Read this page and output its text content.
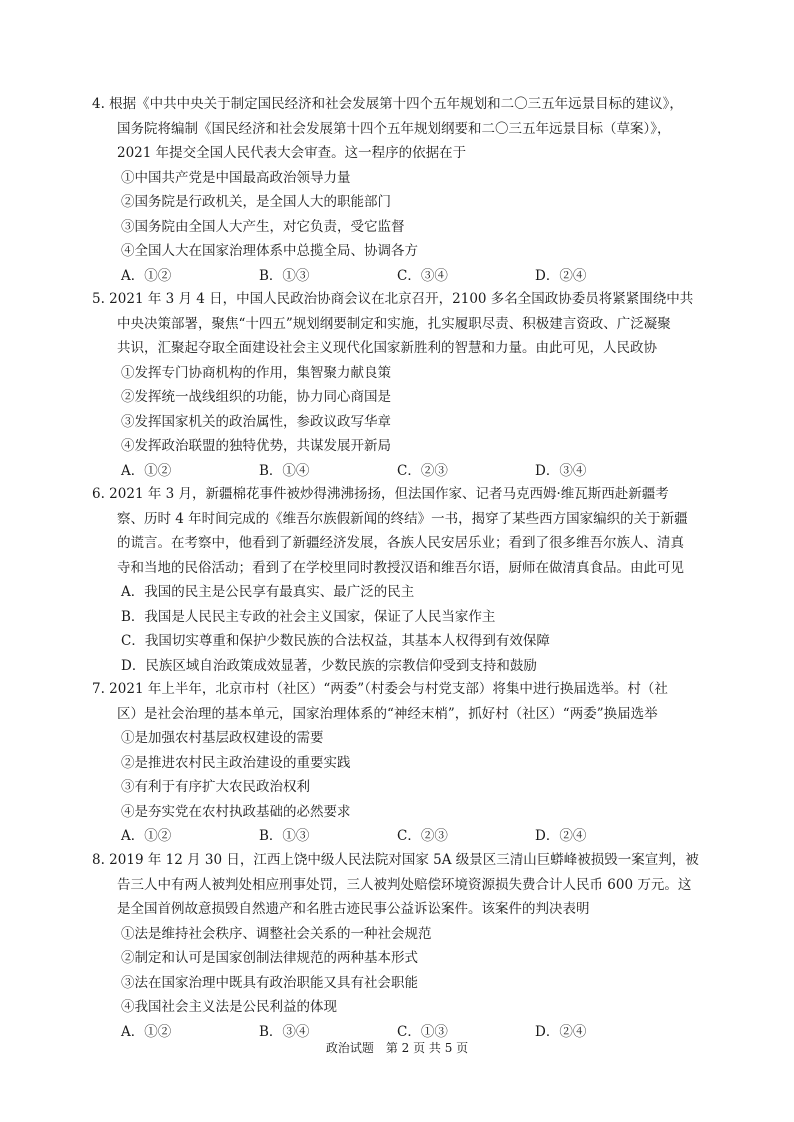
4. 根据《中共中央关于制定国民经济和社会发展第十四个五年规划和二〇三五年远景目标的建议》，
国务院将编制《国民经济和社会发展第十四个五年规划纲要和二〇三五年远景目标（草案）》，
2021 年提交全国人民代表大会审查。这一程序的依据在于
①中国共产党是中国最高政治领导力量
②国务院是行政机关，是全国人大的职能部门
③国务院由全国人大产生，对它负责，受它监督
④全国人大在国家治理体系中总揽全局、协调各方
A．①②	B．①③	C．③④	D．②④
5. 2021 年 3 月 4 日，中国人民政治协商会议在北京召开，2100 多名全国政协委员将紧紧围绕中共
中央决策部署，聚焦“十四五”规划纲要制定和实施，扎实履职尽责、积极建言资政、广泛凝聚
共识，汇聚起夺取全面建设社会主义现代化国家新胜利的智慧和力量。由此可见，人民政协
①发挥专门协商机构的作用，集智聚力献良策
②发挥统一战线组织的功能，协力同心商国是
③发挥国家机关的政治属性，参政议政写华章
④发挥政治联盟的独特优势，共谋发展开新局
A．①②	B．①④	C．②③	D．③④
6. 2021 年 3 月，新疆棉花事件被炒得沸沸扬扬，但法国作家、记者马克西姆·维瓦斯西赴新疆考
察、历时 4 年时间完成的《维吾尔族假新闻的终结》一书，揭穿了某些西方国家编织的关于新疆
的谎言。在考察中，他看到了新疆经济发展，各族人民安居乐业；看到了很多维吾尔族人、清真
寺和当地的民俗活动；看到了在学校里同时教授汉语和维吾尔语，厨师在做清真食品。由此可见
A．我国的民主是公民享有最真实、最广泛的民主
B．我国是人民民主专政的社会主义国家，保证了人民当家作主
C．我国切实尊重和保护少数民族的合法权益，其基本人权得到有效保障
D．民族区域自治政策成效显著，少数民族的宗教信仰受到支持和鼓励
7. 2021 年上半年，北京市村（社区）“两委”（村委会与村党支部）将集中进行换届选举。村（社
区）是社会治理的基本单元，国家治理体系的“神经末梢”，抓好村（社区）“两委”换届选举
①是加强农村基层政权建设的需要
②是推进农村民主政治建设的重要实践
③有利于有序扩大农民政治权利
④是夯实党在农村执政基础的必然要求
A．①②	B．①③	C．②③	D．②④
8. 2019 年 12 月 30 日，江西上饶中级人民法院对国家 5A 级景区三清山巨蟒峰被损毁一案宣判，被
告三人中有两人被判处相应刑事处罚，三人被判处赔偿环境资源损失费合计人民币 600 万元。这
是全国首例故意损毁自然遗产和名胜古迹民事公益诉讼案件。该案件的判决表明
①法是维持社会秩序、调整社会关系的一种社会规范
②制定和认可是国家创制法律规范的两种基本形式
③法在国家治理中既具有政治职能又具有社会职能
④我国社会主义法是公民利益的体现
A．①②	B．③④	C．①③	D．②④
政治试题　第 2 页 共 5 页
